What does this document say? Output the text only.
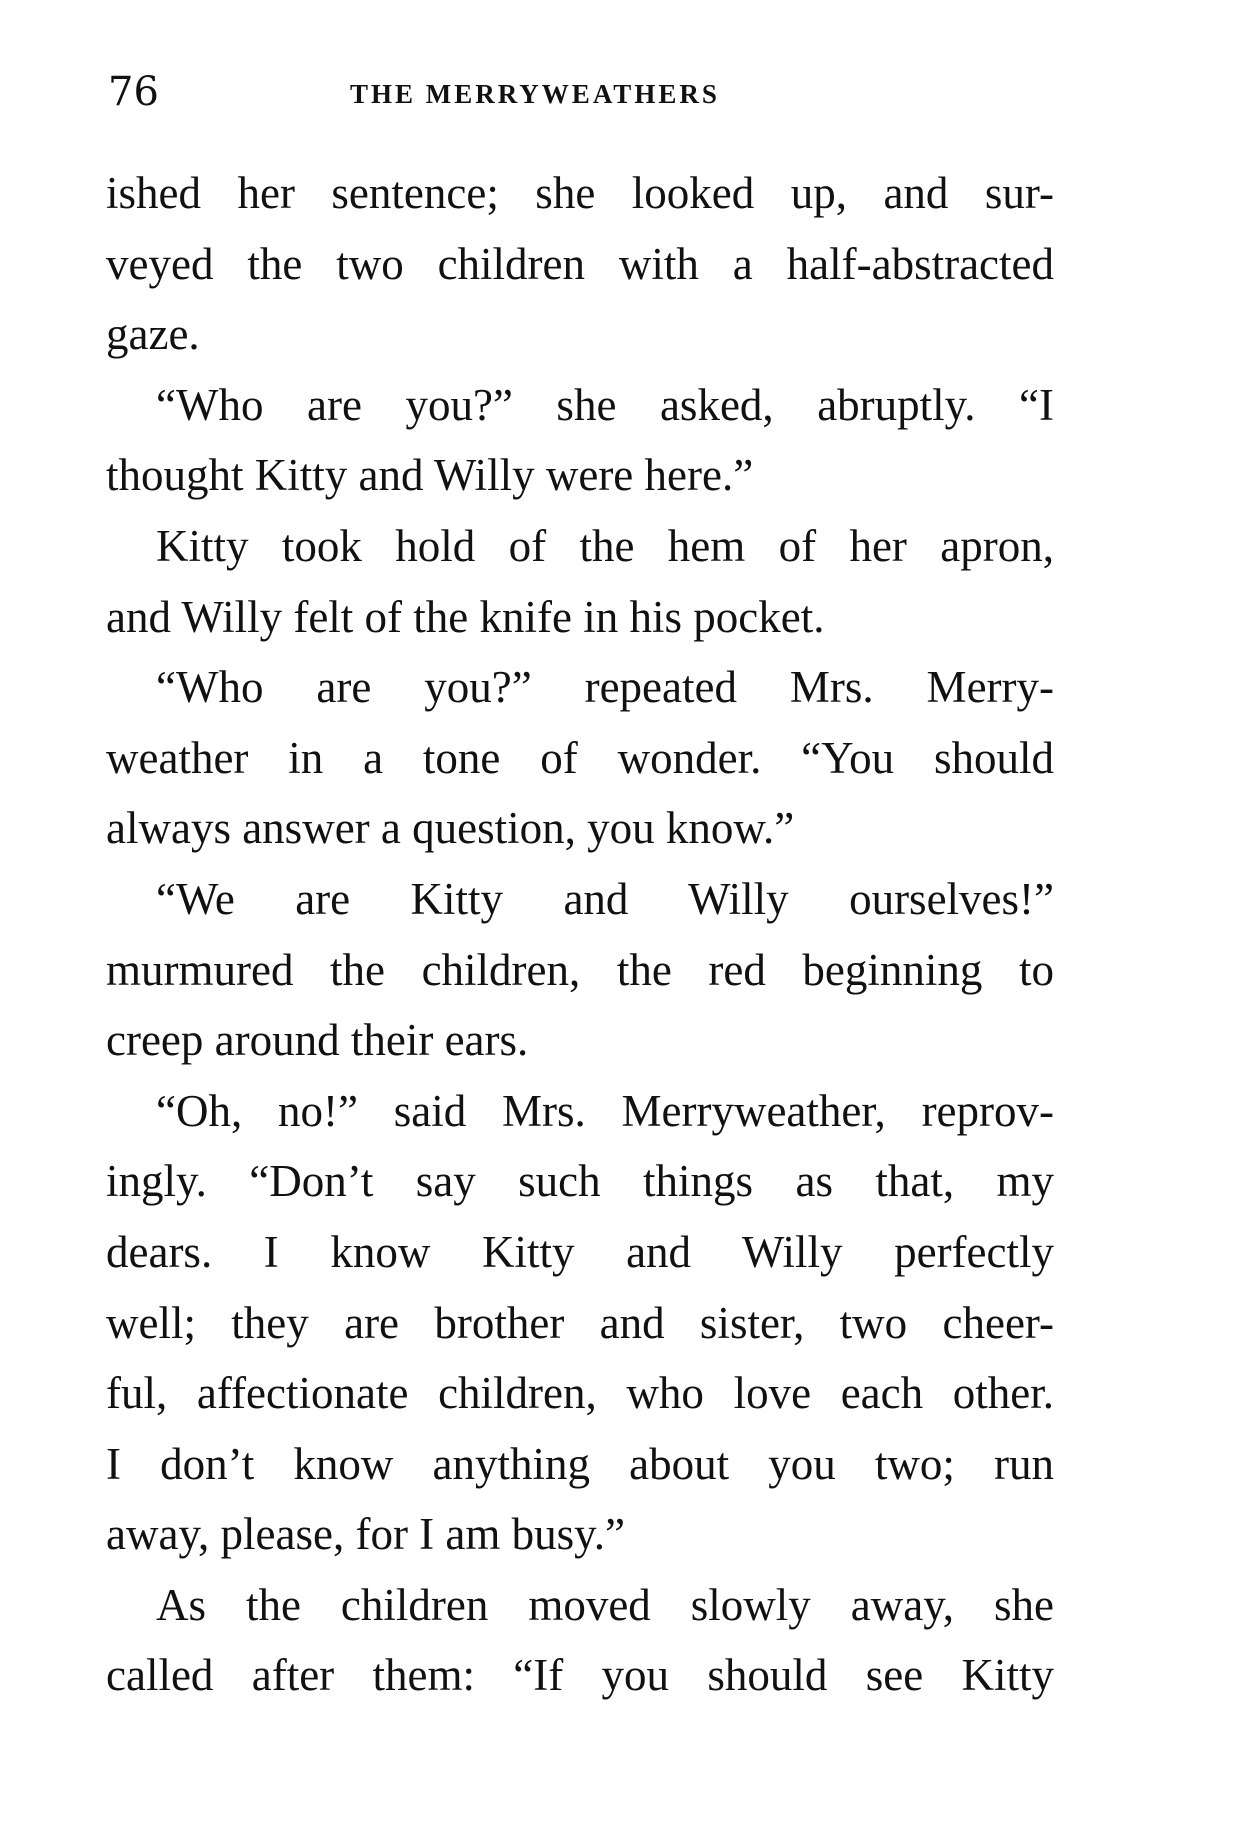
76	THE MERRYWEATHERS
ished her sentence; she looked up, and sur-
veyed the two children with a half-abstracted
gaze.
“Who are you?” she asked, abruptly. “I
thought Kitty and Willy were here.”
Kitty took hold of the hem of her apron,
and Willy felt of the knife in his pocket.
“Who are you?” repeated Mrs. Merry-
weather in a tone of wonder. “You should
always answer a question, you know.”
“We are Kitty and Willy ourselves!”
murmured the children, the red beginning to
creep around their ears.
“Oh, no!” said Mrs. Merryweather, reprov-
ingly. “Don’t say such things as that, my
dears. I know Kitty and Willy perfectly
well; they are brother and sister, two cheer-
ful, affectionate children, who love each other.
I don’t know anything about you two; run
away, please, for I am busy.”
As the children moved slowly away, she
called after them: “If you should see Kitty
